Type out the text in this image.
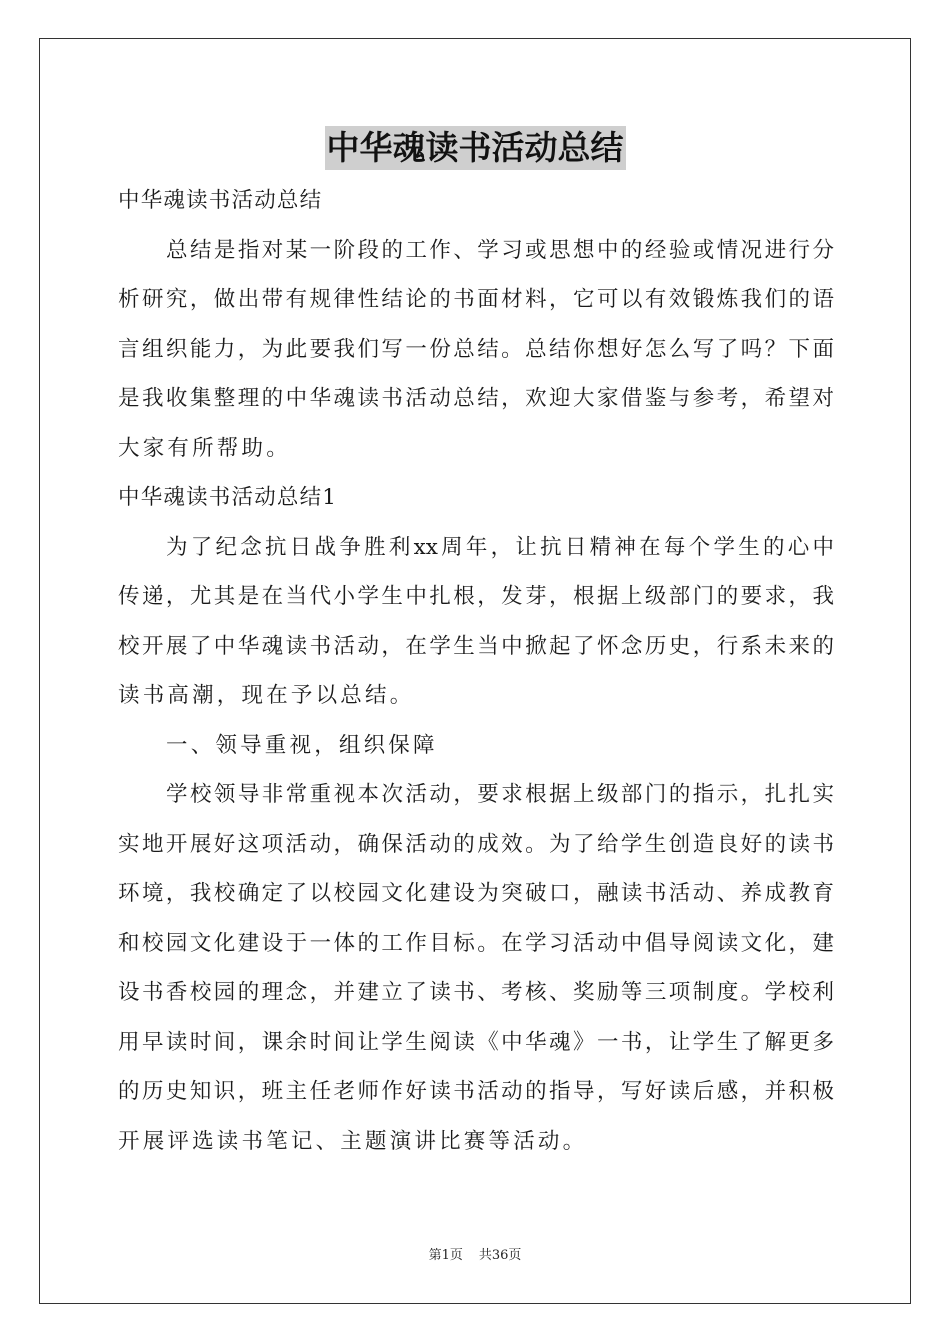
中华魂读书活动总结
中华魂读书活动总结
总结是指对某一阶段的工作、学习或思想中的经验或情况进行分
析研究，做出带有规律性结论的书面材料，它可以有效锻炼我们的语
言组织能力，为此要我们写一份总结。总结你想好怎么写了吗？下面
是我收集整理的中华魂读书活动总结，欢迎大家借鉴与参考，希望对
大家有所帮助。
中华魂读书活动总结1
为了纪念抗日战争胜利xx周年，让抗日精神在每个学生的心中
传递，尤其是在当代小学生中扎根，发芽，根据上级部门的要求，我
校开展了中华魂读书活动，在学生当中掀起了怀念历史，行系未来的
读书高潮，现在予以总结。
一、领导重视，组织保障
学校领导非常重视本次活动，要求根据上级部门的指示，扎扎实
实地开展好这项活动，确保活动的成效。为了给学生创造良好的读书
环境，我校确定了以校园文化建设为突破口，融读书活动、养成教育
和校园文化建设于一体的工作目标。在学习活动中倡导阅读文化，建
设书香校园的理念，并建立了读书、考核、奖励等三项制度。学校利
用早读时间，课余时间让学生阅读《中华魂》一书，让学生了解更多
的历史知识，班主任老师作好读书活动的指导，写好读后感，并积极
开展评选读书笔记、主题演讲比赛等活动。
第1页 共36页
